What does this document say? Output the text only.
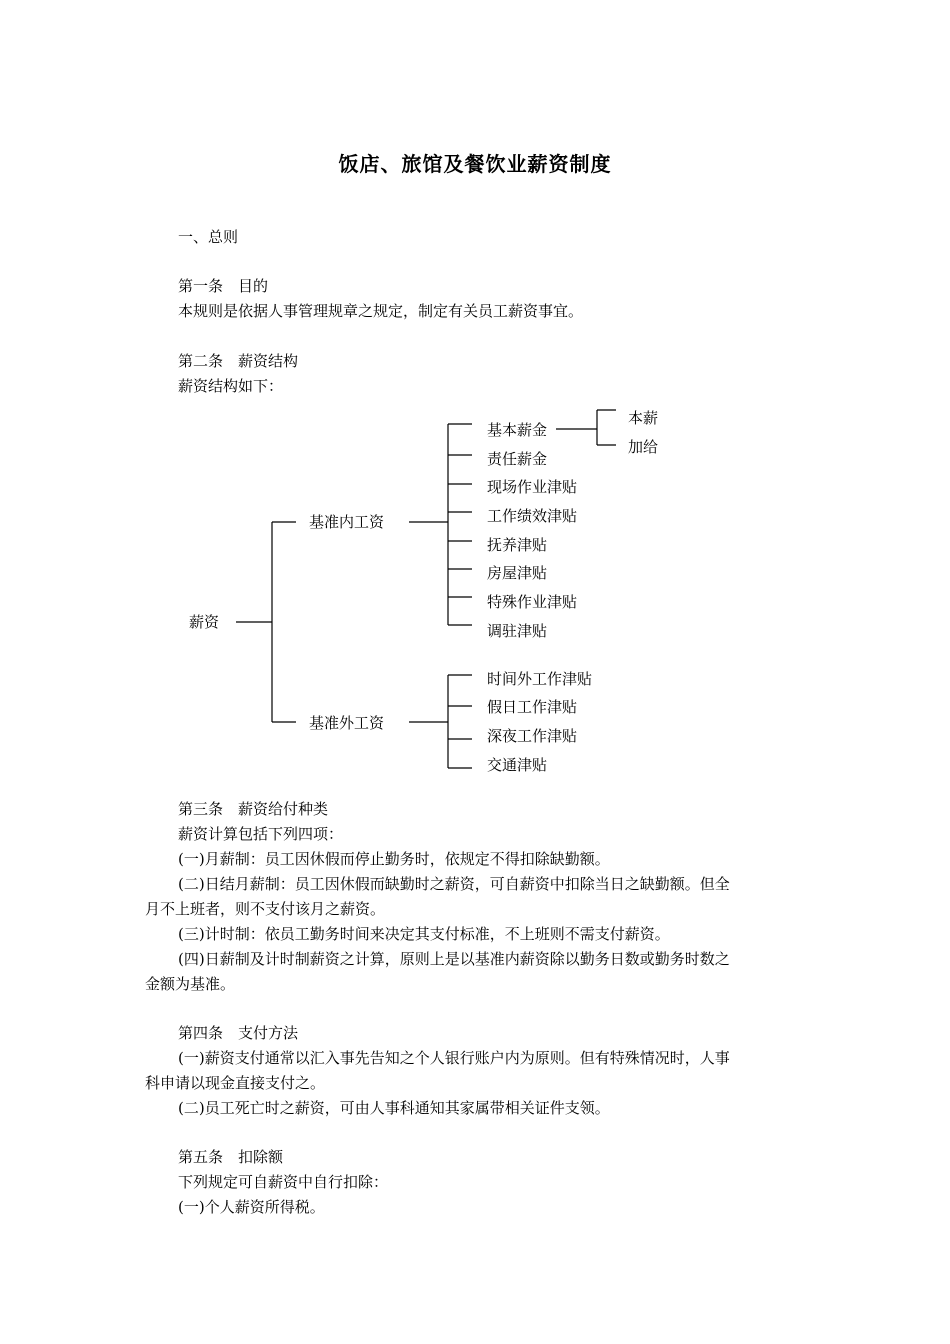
饭店、旅馆及餐饮业薪资制度
一、总则
第一条　目的
本规则是依据人事管理规章之规定，制定有关员工薪资事宜。
第二条　薪资结构
薪资结构如下：
薪资
基准内工资
基准外工资
基本薪金
责任薪金
现场作业津贴
工作绩效津贴
抚养津贴
房屋津贴
特殊作业津贴
调驻津贴
本薪
加给
时间外工作津贴
假日工作津贴
深夜工作津贴
交通津贴
第三条　薪资给付种类
薪资计算包括下列四项：
(一)月薪制：员工因休假而停止勤务时，依规定不得扣除缺勤额。
(二)日结月薪制：员工因休假而缺勤时之薪资，可自薪资中扣除当日之缺勤额。但全
月不上班者，则不支付该月之薪资。
(三)计时制：依员工勤务时间来决定其支付标准，不上班则不需支付薪资。
(四)日薪制及计时制薪资之计算，原则上是以基准内薪资除以勤务日数或勤务时数之
金额为基准。
第四条　支付方法
(一)薪资支付通常以汇入事先告知之个人银行账户内为原则。但有特殊情况时，人事
科申请以现金直接支付之。
(二)员工死亡时之薪资，可由人事科通知其家属带相关证件支领。
第五条　扣除额
下列规定可自薪资中自行扣除：
(一)个人薪资所得税。
